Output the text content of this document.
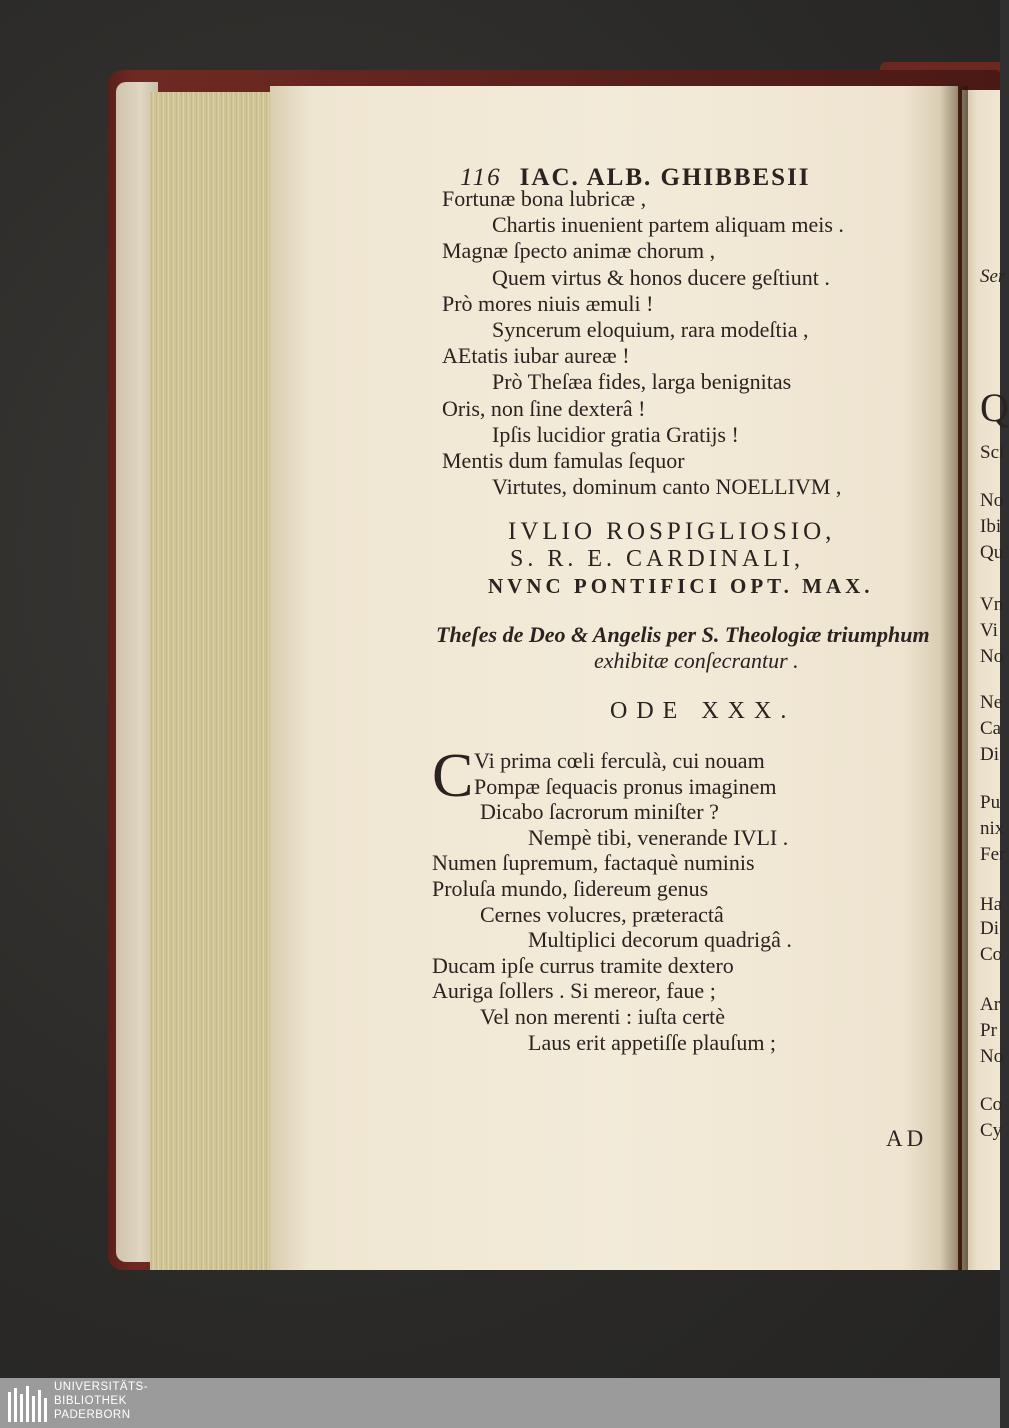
116 IAC. ALB. GHIBBESII
Fortunæ bona lubricæ ,
Chartis inuenient partem aliquam meis .
Magnæ ſpecto animæ chorum ,
Quem virtus & honos ducere geſtiunt .
Prò mores niuis æmuli !
Syncerum eloquium, rara modeſtia ,
AEtatis iubar aureæ !
Prò Theſæa fides, larga benignitas
Oris, non ſine dexterâ !
Ipſis lucidior gratia Gratijs !
Mentis dum famulas ſequor
Virtutes, dominum canto NOELLIVM ,
IVLIO ROSPIGLIOSIO,
S. R. E. CARDINALI,
NVNC PONTIFICI OPT. MAX.
Theſes de Deo & Angelis per S. Theologiæ triumphum
exhibitæ conſecrantur .
ODE XXX.
C Vi prima cœli ferculà, cui nouam
Pompæ ſequacis pronus imaginem
Dicabo ſacrorum miniſter ?
Nempè tibi, venerande IVLI .
Numen ſupremum, factaquè numinis
Proluſa mundo, ſidereum genus
Cernes volucres, præteractâ
Multiplici decorum quadrigâ .
Ducam ipſe currus tramite dextero
Auriga ſollers . Si mereor, faue ;
Vel non merenti : iuſta certè
Laus erit appetiſſe plauſum ;
AD
Ser
Q
Sci
No
Ibi
Qu
Vn
Vi
No
Ne
Ca
Di
Pu
nix
Fer
Ha
Di
Co
Ar
Pr
No
Co
Cy
UNIVERSITÄTS-
BIBLIOTHEK
PADERBORN
